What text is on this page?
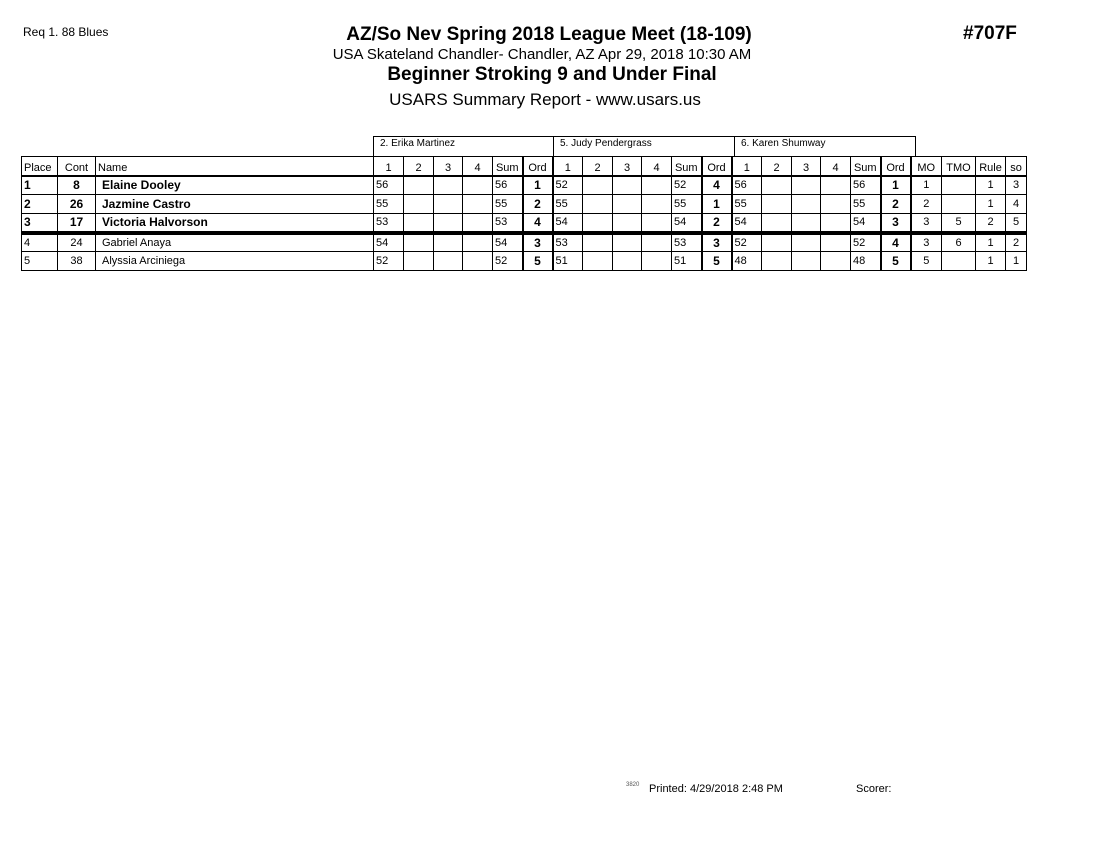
Req 1. 88 Blues	#707F
AZ/So Nev Spring 2018 League Meet (18-109)
USA Skateland Chandler- Chandler, AZ Apr 29, 2018 10:30 AM
Beginner Stroking 9 and Under Final
USARS Summary Report - www.usars.us
2. Erika Martinez	5. Judy Pendergrass	6. Karen Shumway
Place	Cont	Name	1	2	3	4	Sum	Ord	1	2	3	4	Sum	Ord	1	2	3	4	Sum	Ord	MO	TMO	Rule	so
1	8	Elaine Dooley	56				56	1	52				52	4	56				56	1	1		1	3
2	26	Jazmine Castro	55				55	2	55				55	1	55				55	2	2		1	4
3	17	Victoria Halvorson	53				53	4	54				54	2	54				54	3	3	5	2	5
4	24	Gabriel Anaya	54				54	3	53				53	3	52				52	4	3	6	1	2
5	38	Alyssia Arciniega	52				52	5	51				51	5	48				48	5	5		1	1
3820 Printed: 4/29/2018 2:48 PM	Scorer:
